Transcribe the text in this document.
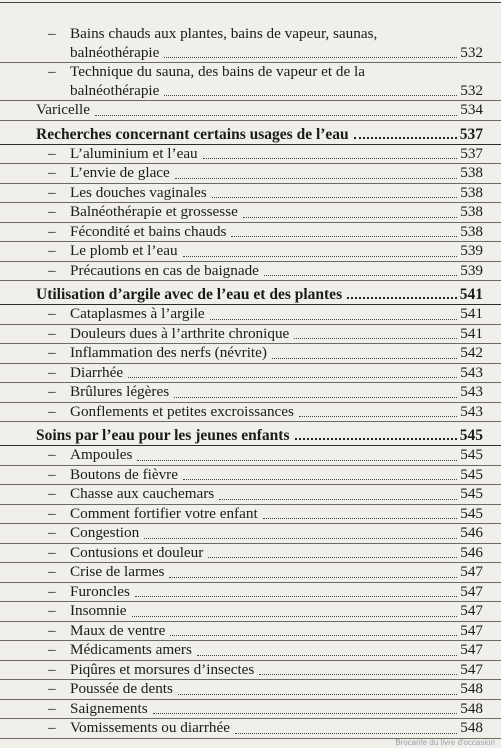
– Bains chauds aux plantes, bains de vapeur, saunas,
balnéothérapie	532
– Technique du sauna, des bains de vapeur et de la
balnéothérapie	532
Varicelle	534
Recherches concernant certains usages de l’eau	537
– L’aluminium et l’eau	537
– L’envie de glace	538
– Les douches vaginales	538
– Balnéothérapie et grossesse	538
– Fécondité et bains chauds	538
– Le plomb et l’eau	539
– Précautions en cas de baignade	539
Utilisation d’argile avec de l’eau et des plantes	541
– Cataplasmes à l’argile	541
– Douleurs dues à l’arthrite chronique	541
– Inflammation des nerfs (névrite)	542
– Diarrhée	543
– Brûlures légères	543
– Gonflements et petites excroissances	543
Soins par l’eau pour les jeunes enfants	545
– Ampoules	545
– Boutons de fièvre	545
– Chasse aux cauchemars	545
– Comment fortifier votre enfant	545
– Congestion	546
– Contusions et douleur	546
– Crise de larmes	547
– Furoncles	547
– Insomnie	547
– Maux de ventre	547
– Médicaments amers	547
– Piqûres et morsures d’insectes	547
– Poussée de dents	548
– Saignements	548
– Vomissements ou diarrhée	548
Brocante du livre d'occasion
